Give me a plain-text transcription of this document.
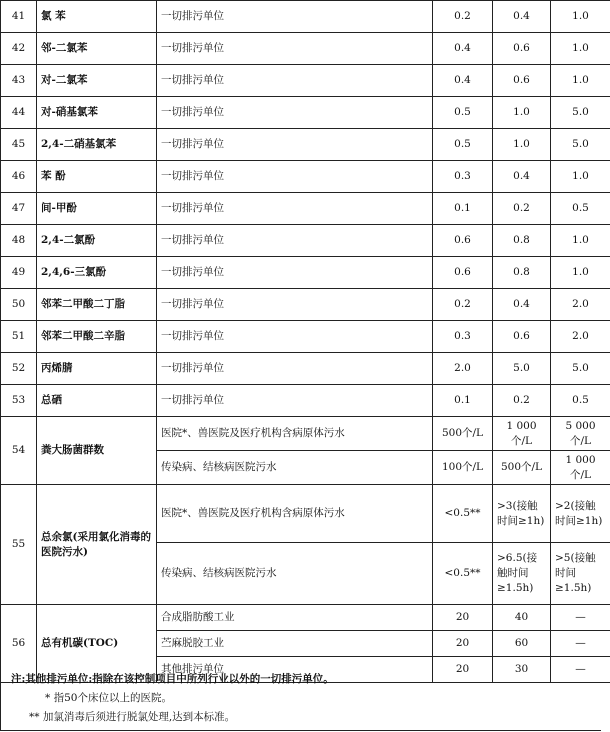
41	氯 苯	一切排污单位	0.2	0.4	1.0
42	邻-二氯苯	一切排污单位	0.4	0.6	1.0
43	对-二氯苯	一切排污单位	0.4	0.6	1.0
44	对-硝基氯苯	一切排污单位	0.5	1.0	5.0
45	2,4-二硝基氯苯	一切排污单位	0.5	1.0	5.0
46	苯 酚	一切排污单位	0.3	0.4	1.0
47	间-甲酚	一切排污单位	0.1	0.2	0.5
48	2,4-二氯酚	一切排污单位	0.6	0.8	1.0
49	2,4,6-三氯酚	一切排污单位	0.6	0.8	1.0
50	邻苯二甲酸二丁脂	一切排污单位	0.2	0.4	2.0
51	邻苯二甲酸二辛脂	一切排污单位	0.3	0.6	2.0
52	丙烯腈	一切排污单位	2.0	5.0	5.0
53	总硒	一切排污单位	0.1	0.2	0.5
54	粪大肠菌群数	医院*、兽医院及医疗机构含病原体污水	500个/L	1 000个/L	5 000个/L
		传染病、结核病医院污水	100个/L	500个/L	1 000个/L
55	总余氯(采用氯化消毒的医院污水)	医院*、兽医院及医疗机构含病原体污水	<0.5**	>3(接触时间≥1h)	>2(接触时间≥1h)
		传染病、结核病医院污水	<0.5**	>6.5(接触时间≥1.5h)	>5(接触时间≥1.5h)
56	总有机碳(TOC)	合成脂肪酸工业	20	40	—
		苎麻脱胶工业	20	60	—
		其他排污单位	20	30	—

注:其他排污单位:指除在该控制项目中所列行业以外的一切排污单位。

* 指50个床位以上的医院。

** 加氯消毒后须进行脱氯处理,达到本标准。
